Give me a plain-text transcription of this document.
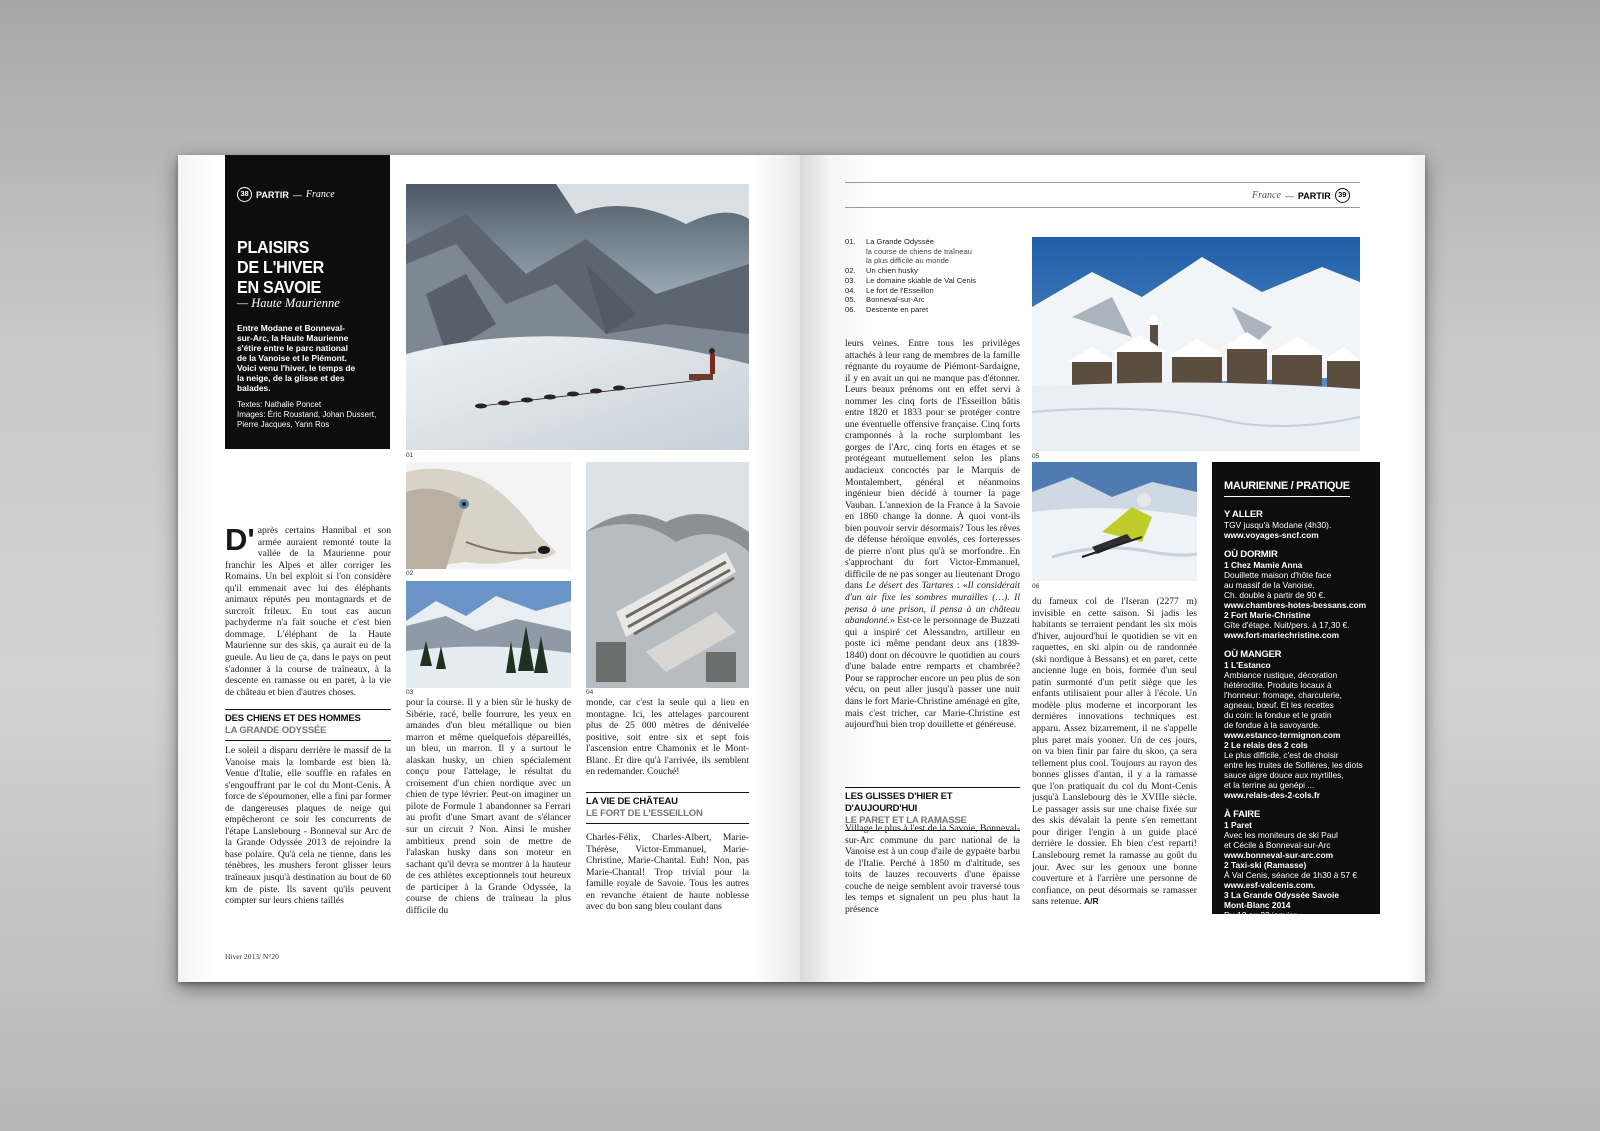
38 PARTIR — France
PLAISIRS
DE L'HIVER
EN SAVOIE
— Haute Maurienne
Entre Modane et Bonneval-sur-Arc, la Haute Maurienne s'étire entre le parc national de la Vanoise et le Piémont. Voici venu l'hiver, le temps de la neige, de la glisse et des balades.
Textes: Nathalie Poncet
Images: Éric Roustand, Johan Dussert, Pierre Jacques, Yann Ros
01
02
03	04
D' après certains Hannibal et son armée auraient remonté toute la vallée de la Maurienne pour franchir les Alpes et aller corriger les Romains. Un bel exploit si l'on considère qu'il emmenait avec lui des éléphants animaux réputés peu montagnards et de surcroît frileux. En tout cas aucun pachyderme n'a fait souche et c'est bien dommage. L'éléphant de la Haute Maurienne sur des skis, ça aurait eu de la gueule. Au lieu de ça, dans le pays on peut s'adonner à la course de traîneaux, à la descente en ramasse ou en paret, à la vie de château et bien d'autres choses.
DES CHIENS ET DES HOMMES
LA GRANDE ODYSSÉE
Le soleil a disparu derrière le massif de la Vanoise mais la lombarde est bien là. Venue d'Italie, elle souffle en rafales en s'engouffrant par le col du Mont-Cenis. À force de s'époumoner, elle a fini par former de dangereuses plaques de neige qui empêcheront ce soir les concurrents de l'étape Lanslebourg - Bonneval sur Arc de la Grande Odyssée 2013 de rejoindre la base polaire. Qu'à cela ne tienne, dans les ténèbres, les mushers feront glisser leurs traîneaux jusqu'à destination au bout de 60 km de piste. Ils savent qu'ils peuvent compter sur leurs chiens taillés
pour la course. Il y a bien sûr le husky de Sibérie, racé, belle fourrure, les yeux en amandes d'un bleu métallique ou bien marron et même quelquefois dépareillés, un bleu, un marron. Il y a surtout le alaskan husky, un chien spécialement conçu pour l'attelage, le résultat du croisement d'un chien nordique avec un chien de type lévrier. Peut-on imaginer un pilote de Formule 1 abandonner sa Ferrari au profit d'une Smart avant de s'élancer sur un circuit ? Non. Ainsi le musher ambitieux prend soin de mettre de l'alaskan husky dans son moteur en sachant qu'il devra se montrer à la hauteur de ces athlètes exceptionnels tout heureux de participer à la Grande Odyssée, la course de chiens de traîneau la plus difficile du
monde, car c'est la seule qui a lieu en montagne. Ici, les attelages parcourent plus de 25 000 mètres de dénivelée positive, soit entre six et sept fois l'ascension entre Chamonix et le Mont-Blanc. Et dire qu'à l'arrivée, ils semblent en redemander. Couché!
LA VIE DE CHÂTEAU
LE FORT DE L'ESSEILLON
Charles-Félix, Charles-Albert, Marie-Thérèse, Victor-Emmanuel, Marie-Christine, Marie-Chantal. Euh! Non, pas Marie-Chantal! Trop trivial pour la famille royale de Savoie. Tous les autres en revanche étaient de haute noblesse avec du bon sang bleu coulant dans
Hiver 2013/ N°20
France — PARTIR 39
01.	La Grande Odyssée
la course de chiens de traîneau
la plus difficile au monde
02.	Un chien husky
03.	Le domaine skiable de Val Cenis
04.	Le fort de l'Esseillon
05.	Bonneval-sur-Arc
06.	Descente en paret
05
06
MAURIENNE / PRATIQUE
Y ALLER
TGV jusqu'à Modane (4h30).
www.voyages-sncf.com
OÙ DORMIR
1 Chez Mamie Anna
Douillette maison d'hôte face
au massif de la Vanoise.
Ch. double à partir de 90 €.
www.chambres-hotes-bessans.com
2 Fort Marie-Christine
Gîte d'étape. Nuit/pers. à 17,30 €.
www.fort-mariechristine.com
OÙ MANGER
1 L'Estanco
Ambiance rustique, décoration
hétéroclite. Produits locaux à
l'honneur: fromage, charcuterie,
agneau, bœuf. Et les recettes
du coin: la fondue et le gratin
de fondue à la savoyarde.
www.estanco-termignon.com
2 Le relais des 2 cols
Le plus difficile, c'est de choisir
entre les truites de Sollières, les diots
sauce aigre douce aux myrtilles,
et la terrine au genépi ...
www.relais-des-2-cols.fr
À FAIRE
1 Paret
Avec les moniteurs de ski Paul
et Cécile à Bonneval-sur-Arc
www.bonneval-sur-arc.com
2 Taxi-ski (Ramasse)
À Val Cenis, séance de 1h30 à 57 €
www.esf-valcenis.com.
3 La Grande Odyssée Savoie
Mont-Blanc 2014
Du 12 au 22 janvier.
leurs veines. Entre tous les privilèges attachés à leur rang de membres de la famille régnante du royaume de Piémont-Sardaigne, il y en avait un qui ne manque pas d'étonner. Leurs beaux prénoms ont en effet servi à nommer les cinq forts de l'Esseillon bâtis entre 1820 et 1833 pour se protéger contre une éventuelle offensive française. Cinq forts cramponnés à la roche surplombant les gorges de l'Arc, cinq forts en étages et se protégeant mutuellement selon les plans audacieux concoctés par le Marquis de Montalembert, général et néanmoins ingénieur bien décidé à tourner la page Vauban. L'annexion de la France à la Savoie en 1860 change la donne. À quoi vont-ils bien pouvoir servir désormais? Tous les rêves de défense héroïque envolés, ces forteresses de pierre n'ont plus qu'à se morfondre. En s'approchant du fort Victor-Emmanuel, difficile de ne pas songer au lieutenant Drogo dans Le désert des Tartares : «Il considérait d'un air fixe les sombres murailles (…). Il pensa à une prison, il pensa à un château abandonné.» Est-ce le personnage de Buzzati qui a inspiré cet Alessandro, artilleur en poste ici même pendant deux ans (1839-1840) dont on découvre le quotidien au cours d'une balade entre remparts et chambrée? Pour se rapprocher encore un peu plus de son vécu, on peut aller jusqu'à passer une nuit dans le fort Marie-Christine aménagé en gîte, mais c'est tricher, car Marie-Christine est aujourd'hui bien trop douillette et généreuse.
LES GLISSES D'HIER ET D'AUJOURD'HUI
LE PARET ET LA RAMASSE
Village le plus à l'est de la Savoie, Bonneval-sur-Arc commune du parc national de la Vanoise est à un coup d'aile de gypaète barbu de l'Italie. Perché à 1850 m d'altitude, ses toits de lauzes recouverts d'une épaisse couche de neige semblent avoir traversé tous les temps et signalent un peu plus haut la présence
du fameux col de l'Iseran (2277 m) invisible en cette saison. Si jadis les habitants se terraient pendant les six mois d'hiver, aujourd'hui le quotidien se vit en raquettes, en ski alpin ou de randonnée (ski nordique à Bessans) et en paret, cette ancienne luge en bois, formée d'un seul patin surmonté d'un petit siège que les enfants utilisaient pour aller à l'école. Un modèle plus moderne et incorporant les dernières innovations techniques est apparu. Assez bizarrement, il ne s'appelle plus paret mais yooner. Un de ces jours, on va bien finir par faire du skoo, ça sera tellement plus cool. Toujours au rayon des bonnes glisses d'antan, il y a la ramasse que l'on pratiquait du col du Mont-Cenis jusqu'à Lanslebourg dès le XVIIIe siècle. Le passager assis sur une chaise fixée sur des skis dévalait la pente s'en remettant pour diriger l'engin à un guide placé derrière le dossier. Eh bien c'est reparti! Lanslebourg remet la ramasse au goût du jour. Avec sur les genoux une bonne couverture et à l'arrière une personne de confiance, on peut désormais se ramasser sans retenue. A/R
